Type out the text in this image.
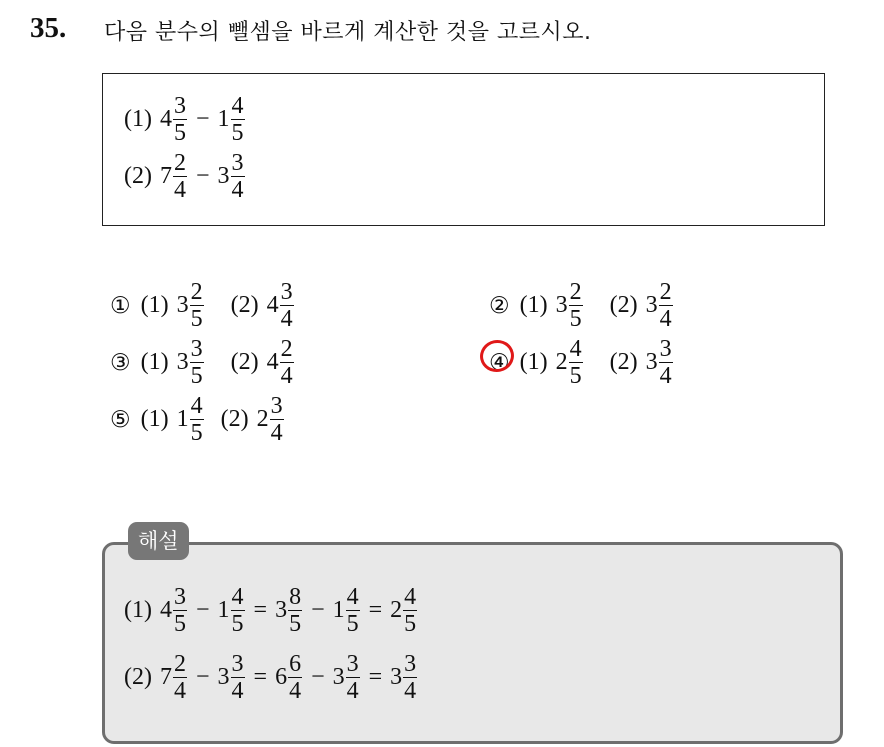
35. 다음 분수의 뺄셈을 바르게 계산한 것을 고르시오.
(1) $4 \frac{3}{5} - 1 \frac{4}{5}$
(2) $7 \frac{2}{4} - 3 \frac{3}{4}$
① (1) $3 \frac{2}{5} (2)$ $4 \frac{3}{4}$	② (1) $3 \frac{2}{5} (2)$ $3 \frac{2}{4}$
③ (1) $3 \frac{3}{5} (2)$ $4 \frac{2}{4}$	④ (1) $2 \frac{4}{5} (2)$ $3 \frac{3}{4}$
⑤ (1) $1 \frac{4}{5} (2)$ $2 \frac{3}{4}$
해설
(1) $4 \frac{3}{5} - 1 \frac{4}{5} = 3 \frac{8}{5} - 1 \frac{4}{5} = 2 \frac{4}{5}$
(2) $7 \frac{2}{4} - 3 \frac{3}{4} = 6 \frac{6}{4} - 3 \frac{3}{4} = 3 \frac{3}{4}$
